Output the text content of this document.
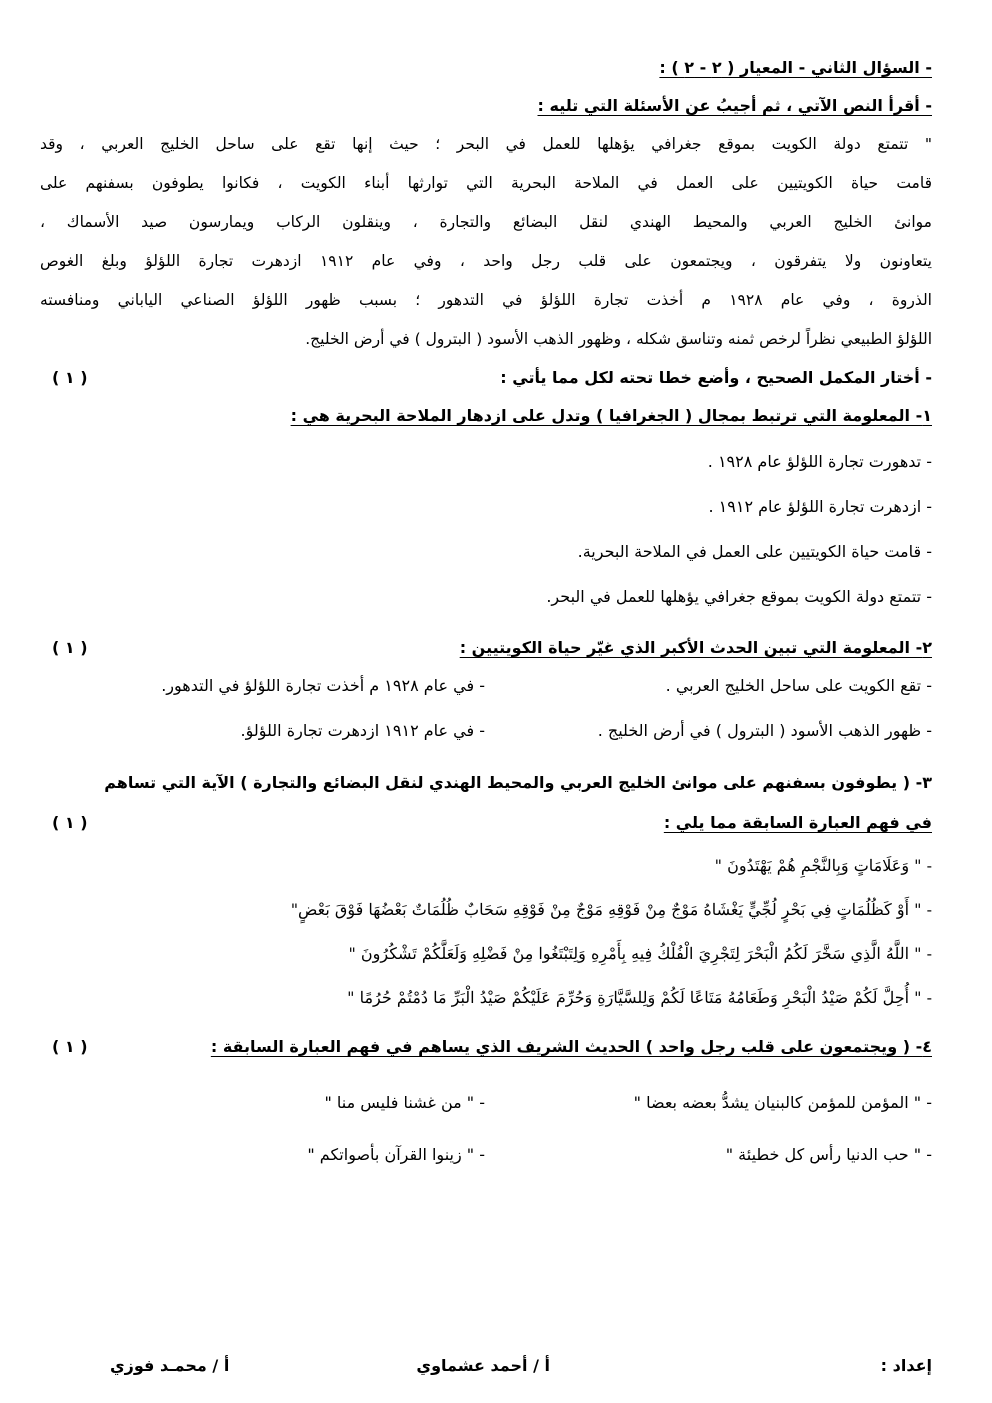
- السؤال الثاني - المعيار ( ٢ - ٢ ) :
- أقرأ النص الآتي ، ثم أجيبُ عن الأسئلة التي تليه :
" تتمتع دولة الكويت بموقع جغرافي يؤهلها للعمل في البحر ؛ حيث إنها تقع على ساحل الخليج العربي ، وقد
قامت حياة الكويتيين على العمل في الملاحة البحرية التي توارثها أبناء الكويت ، فكانوا يطوفون بسفنهم على
موانئ الخليج العربي والمحيط الهندي لنقل البضائع والتجارة ، وينقلون الركاب ويمارسون صيد الأسماك ،
يتعاونون ولا يتفرقون ، ويجتمعون على قلب رجل واحد ، وفي عام ١٩١٢ ازدهرت تجارة اللؤلؤ وبلغ الغوص
الذروة ، وفي عام ١٩٢٨ م أخذت تجارة اللؤلؤ في التدهور ؛ بسبب ظهور اللؤلؤ الصناعي الياباني ومنافسته
اللؤلؤ الطبيعي نظراً لرخص ثمنه وتناسق شكله ، وظهور الذهب الأسود ( البترول ) في أرض الخليج.
- أختار المكمل الصحيح ، وأضع خطا تحته لكل مما يأتي :
( ١ )
١- المعلومة التي ترتبط بمجال ( الجغرافيا ) وتدل على ازدهار الملاحة البحرية هي :
- تدهورت تجارة اللؤلؤ عام ١٩٢٨ .
- ازدهرت تجارة اللؤلؤ عام ١٩١٢ .
- قامت حياة الكويتيين على العمل في الملاحة البحرية.
- تتمتع دولة الكويت بموقع جغرافي يؤهلها للعمل في البحر.
٢- المعلومة التي تبين الحدث الأكبر الذي غيّر حياة الكويتيين :
( ١ )
- تقع الكويت على ساحل الخليج العربي .
- في عام ١٩٢٨ م أخذت تجارة اللؤلؤ في التدهور.
- ظهور الذهب الأسود ( البترول ) في أرض الخليج .
- في عام ١٩١٢ ازدهرت تجارة اللؤلؤ.
٣- ( يطوفون بسفنهم على موانئ الخليج العربي والمحيط الهندي لنقل البضائع والتجارة ) الآية التي تساهم
في فهم العبارة السابقة مما يلي :
( ١ )
- " وَعَلَامَاتٍ وَبِالنَّجْمِ هُمْ يَهْتَدُونَ "
- " أَوْ كَظُلُمَاتٍ فِي بَحْرٍ لُجِّيٍّ يَغْشَاهُ مَوْجٌ مِنْ فَوْقِهِ مَوْجٌ مِنْ فَوْقِهِ سَحَابٌ ظُلُمَاتٌ بَعْضُهَا فَوْقَ بَعْضٍ"
- " اللَّهُ الَّذِي سَخَّرَ لَكُمُ الْبَحْرَ لِتَجْرِيَ الْفُلْكُ فِيهِ بِأَمْرِهِ وَلِتَبْتَغُوا مِنْ فَضْلِهِ وَلَعَلَّكُمْ تَشْكُرُونَ "
- " أُحِلَّ لَكُمْ صَيْدُ الْبَحْرِ وَطَعَامُهُ مَتَاعًا لَكُمْ وَلِلسَّيَّارَةِ وَحُرِّمَ عَلَيْكُمْ صَيْدُ الْبَرِّ مَا دُمْتُمْ حُرُمًا "
٤- ( ويجتمعون على قلب رجل واحد ) الحديث الشريف الذي يساهم في فهم العبارة السابقة :
( ١ )
- " المؤمن للمؤمن كالبنيان يشدُّ بعضه بعضا "
- " من غشنا فليس منا "
- " حب الدنيا رأس كل خطيئة "
- " زينوا القرآن بأصواتكم "
إعداد :
أ / أحمد عشماوي
أ / محمـد فوزي
